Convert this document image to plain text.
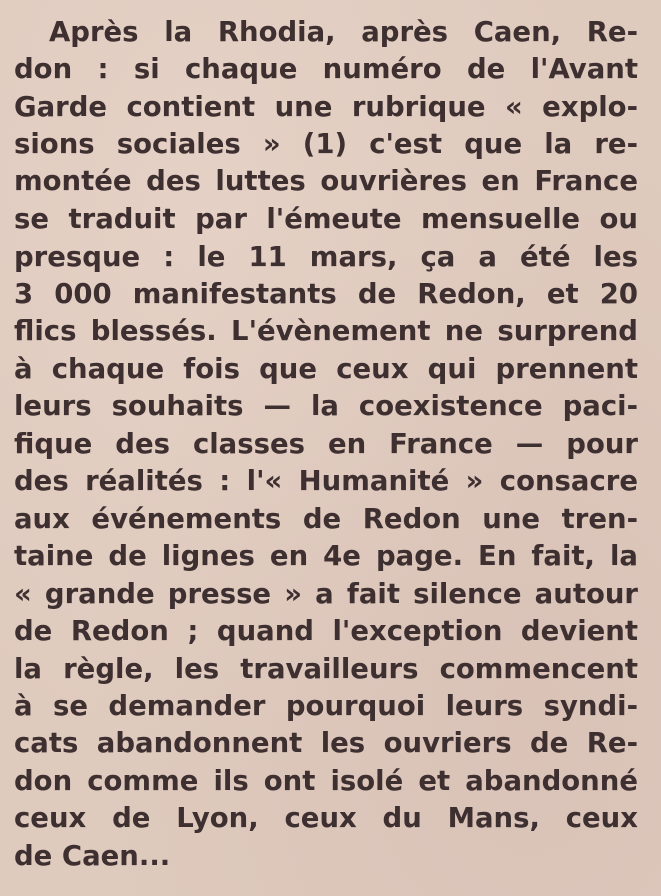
Après la Rhodia, après Caen, Re-
don : si chaque numéro de l'Avant
Garde contient une rubrique « explo-
sions sociales » (1) c'est que la re-
montée des luttes ouvrières en France
se traduit par l'émeute mensuelle ou
presque : le 11 mars, ça a été les
3 000 manifestants de Redon, et 20
flics blessés. L'évènement ne surprend
à chaque fois que ceux qui prennent
leurs souhaits — la coexistence paci-
fique des classes en France — pour
des réalités : l'« Humanité » consacre
aux événements de Redon une tren-
taine de lignes en 4e page. En fait, la
« grande presse » a fait silence autour
de Redon ; quand l'exception devient
la règle, les travailleurs commencent
à se demander pourquoi leurs syndi-
cats abandonnent les ouvriers de Re-
don comme ils ont isolé et abandonné
ceux de Lyon, ceux du Mans, ceux
de Caen...
